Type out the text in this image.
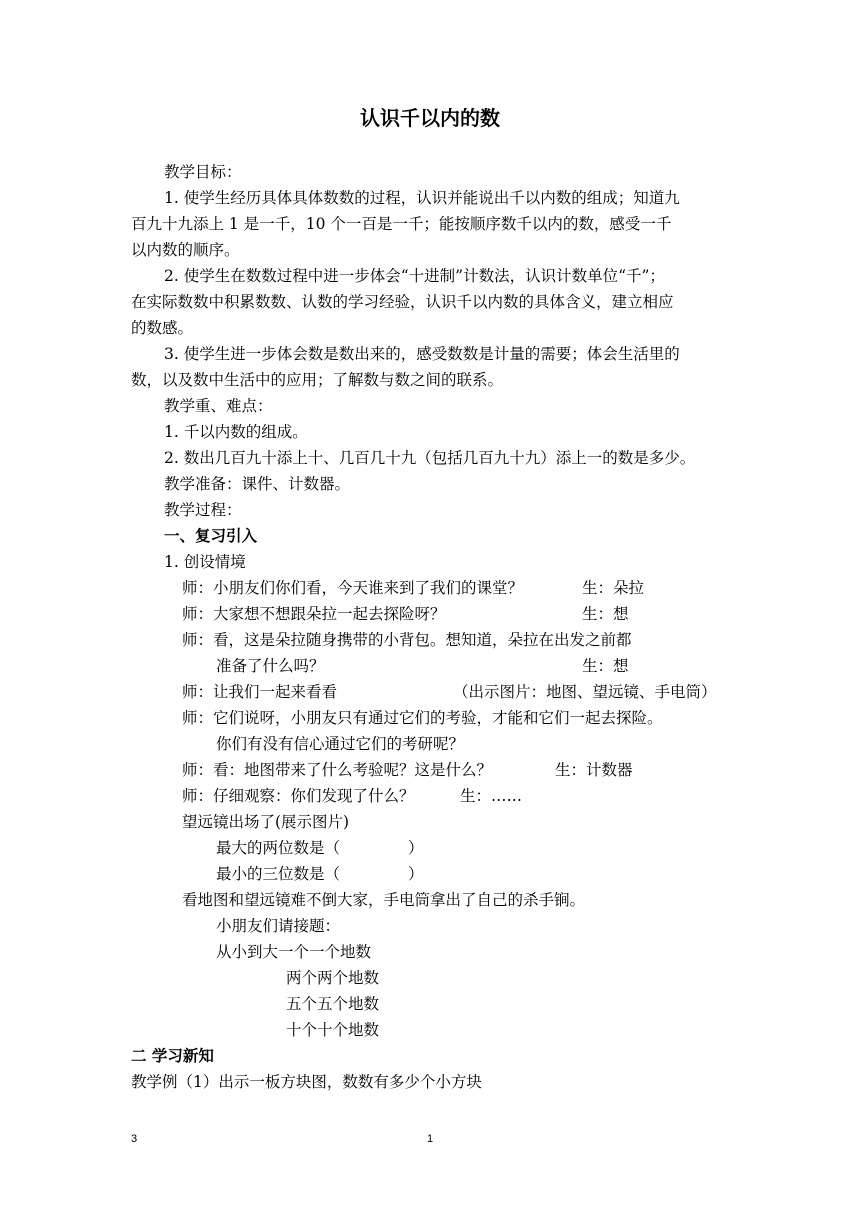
认识千以内的数
教学目标：
1. 使学生经历具体具体数数的过程，认识并能说出千以内数的组成；知道九
百九十九添上 1 是一千，10 个一百是一千；能按顺序数千以内的数，感受一千
以内数的顺序。
2. 使学生在数数过程中进一步体会“十进制”计数法，认识计数单位“千”；
在实际数数中积累数数、认数的学习经验，认识千以内数的具体含义，建立相应
的数感。
3. 使学生进一步体会数是数出来的，感受数数是计量的需要；体会生活里的
数，以及数中生活中的应用；了解数与数之间的联系。
教学重、难点：
1. 千以内数的组成。
2. 数出几百九十添上十、几百几十九（包括几百九十九）添上一的数是多少。
教学准备：课件、计数器。
教学过程：
一、复习引入
1. 创设情境
师：小朋友们你们看，今天谁来到了我们的课堂？	生：朵拉
师：大家想不想跟朵拉一起去探险呀？	生：想
师：看，这是朵拉随身携带的小背包。想知道，朵拉在出发之前都
准备了什么吗？	生：想
师：让我们一起来看看	（出示图片：地图、望远镜、手电筒）
师：它们说呀，小朋友只有通过它们的考验，才能和它们一起去探险。
你们有没有信心通过它们的考研呢？
师：看：地图带来了什么考验呢？这是什么？	生：计数器
师：仔细观察：你们发现了什么？	生：……
望远镜出场了(展示图片)
最大的两位数是（	）
最小的三位数是（	）
看地图和望远镜难不倒大家，手电筒拿出了自己的杀手锏。
小朋友们请接题：
从小到大一个一个地数
两个两个地数
五个五个地数
十个十个地数
二 学习新知
教学例（1）出示一板方块图，数数有多少个小方块
3	1
